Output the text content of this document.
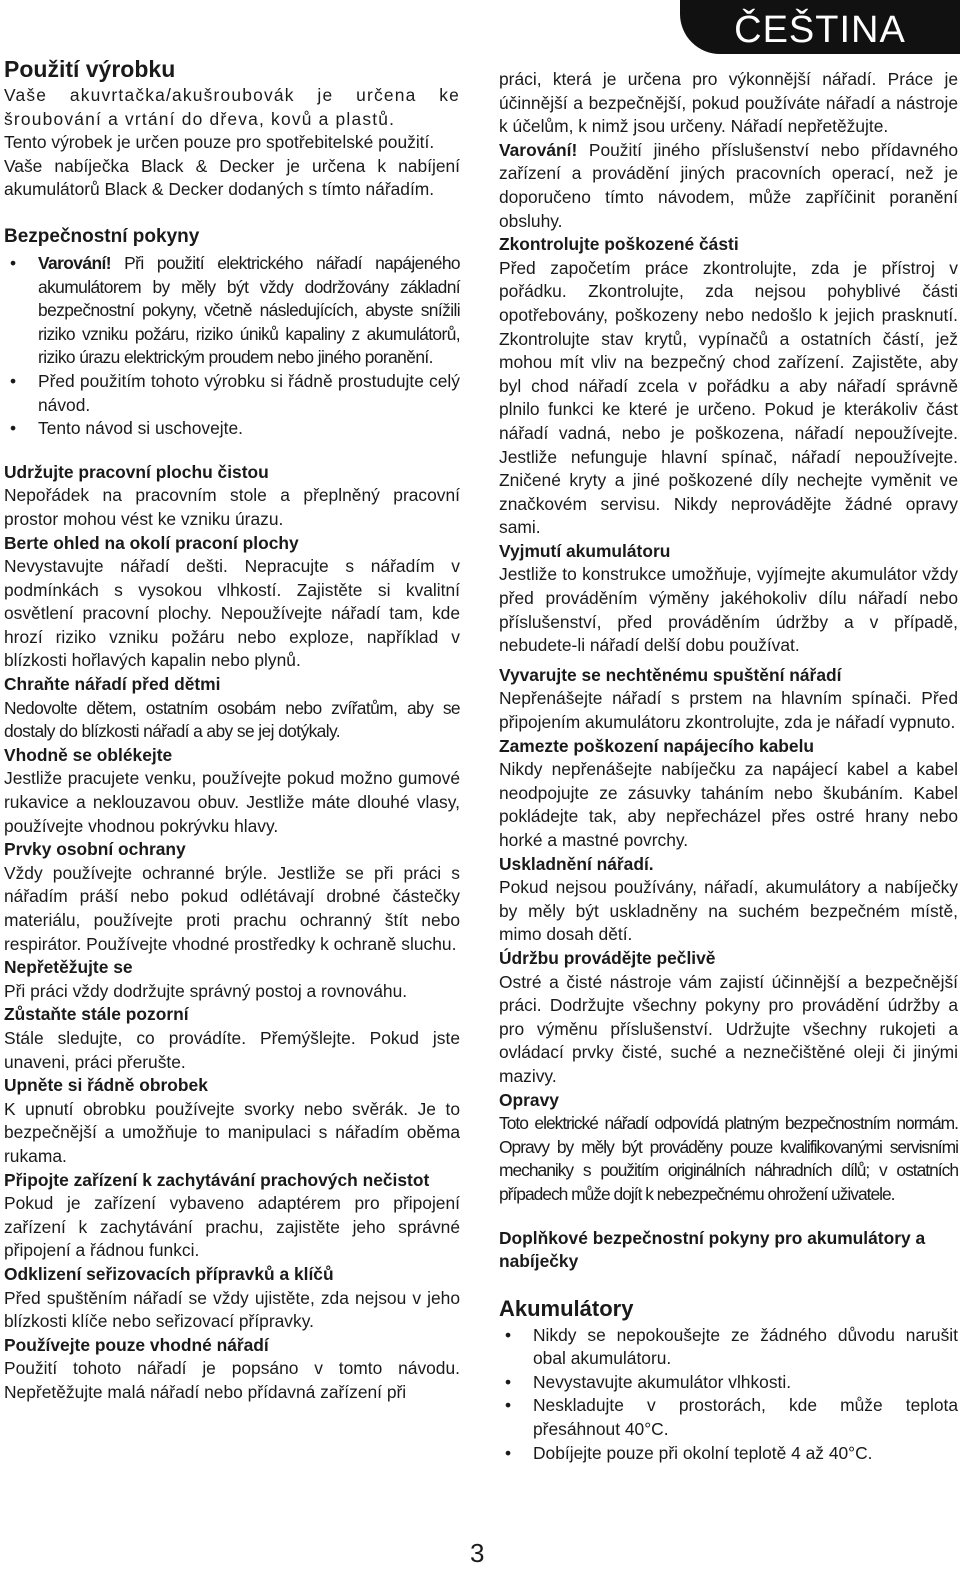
ČEŠTINA

Použití výrobku

Vaše akuvrtačka/akušroubovák je určena ke šroubování a vrtání do dřeva, kovů a plastů.

Tento výrobek je určen pouze pro spotřebitelské použití.

Vaše nabíječka Black & Decker je určena k nabíjení akumulátorů Black & Decker dodaných s tímto nářadím.

Bezpečnostní pokyny

• Varování! Při použití elektrického nářadí napájeného akumulátorem by měly být vždy dodržovány základní bezpečnostní pokyny, včetně následujících, abyste snížili riziko vzniku požáru, riziko úniků kapaliny z akumulátorů, riziko úrazu elektrickým proudem nebo jiného poranění.
• Před použitím tohoto výrobku si řádně prostudujte celý návod.
• Tento návod si uschovejte.
Udržujte pracovní plochu čistou

Nepořádek na pracovním stole a přeplněný pracovní prostor mohou vést ke vzniku úrazu.

Berte ohled na okolí praconí plochy

Nevystavujte nářadí dešti. Nepracujte s nářadím v podmínkách s vysokou vlhkostí. Zajistěte si kvalitní osvětlení pracovní plochy. Nepoužívejte nářadí tam, kde hrozí riziko vzniku požáru nebo exploze, například v blízkosti hořlavých kapalin nebo plynů.

Chraňte nářadí před dětmi

Nedovolte dětem, ostatním osobám nebo zvířatům, aby se dostaly do blízkosti nářadí a aby se jej dotýkaly.

Vhodně se oblékejte

Jestliže pracujete venku, používejte pokud možno gumové rukavice a neklouzavou obuv. Jestliže máte dlouhé vlasy, používejte vhodnou pokrývku hlavy.

Prvky osobní ochrany

Vždy používejte ochranné brýle. Jestliže se při práci s nářadím práší nebo pokud odlétávají drobné částečky materiálu, používejte proti prachu ochranný štít nebo respirátor. Používejte vhodné prostředky k ochraně sluchu.

Nepřetěžujte se

Při práci vždy dodržujte správný postoj a rovnováhu.

Zůstaňte stále pozorní

Stále sledujte, co provádíte. Přemýšlejte. Pokud jste unaveni, práci přerušte.

Upněte si řádně obrobek

K upnutí obrobku používejte svorky nebo svěrák. Je to bezpečnější a umožňuje to manipulaci s nářadím oběma rukama.

Připojte zařízení k zachytávání prachových nečistot

Pokud je zařízení vybaveno adaptérem pro připojení zařízení k zachytávání prachu, zajistěte jeho správné připojení a řádnou funkci.

Odklizení seřizovacích přípravků a klíčů

Před spuštěním nářadí se vždy ujistěte, zda nejsou v jeho blízkosti klíče nebo seřizovací přípravky.

Používejte pouze vhodné nářadí

Použití tohoto nářadí je popsáno v tomto návodu. Nepřetěžujte malá nářadí nebo přídavná zařízení při

práci, která je určena pro výkonnější nářadí. Práce je účinnější a bezpečnější, pokud používáte nářadí a nástroje k účelům, k nimž jsou určeny. Nářadí nepřetěžujte.

Varování! Použití jiného příslušenství nebo přídavného zařízení a provádění jiných pracovních operací, než je doporučeno tímto návodem, může zapříčinit poranění obsluhy.

Zkontrolujte poškozené části

Před započetím práce zkontrolujte, zda je přístroj v pořádku. Zkontrolujte, zda nejsou pohyblivé části opotřebovány, poškozeny nebo nedošlo k jejich prasknutí. Zkontrolujte stav krytů, vypínačů a ostatních částí, jež mohou mít vliv na bezpečný chod zařízení. Zajistěte, aby byl chod nářadí zcela v pořádku a aby nářadí správně plnilo funkci ke které je určeno. Pokud je kterákoliv část nářadí vadná, nebo je poškozena, nářadí nepoužívejte. Jestliže nefunguje hlavní spínač, nářadí nepoužívejte. Zničené kryty a jiné poškozené díly nechejte vyměnit ve značkovém servisu. Nikdy neprovádějte žádné opravy sami.

Vyjmutí akumulátoru

Jestliže to konstrukce umožňuje, vyjímejte akumulátor vždy před prováděním výměny jakéhokoliv dílu nářadí nebo příslušenství, před prováděním údržby a v případě, nebudete-li nářadí delší dobu používat.

Vyvarujte se nechtěnému spuštění nářadí

Nepřenášejte nářadí s prstem na hlavním spínači. Před připojením akumulátoru zkontrolujte, zda je nářadí vypnuto.

Zamezte poškození napájecího kabelu

Nikdy nepřenášejte nabíječku za napájecí kabel a kabel neodpojujte ze zásuvky taháním nebo škubáním. Kabel pokládejte tak, aby nepřecházel přes ostré hrany nebo horké a mastné povrchy.

Uskladnění nářadí.

Pokud nejsou používány, nářadí, akumulátory a nabíječky by měly být uskladněny na suchém bezpečném místě, mimo dosah dětí.

Údržbu provádějte pečlivě

Ostré a čisté nástroje vám zajistí účinnější a bezpečnější práci. Dodržujte všechny pokyny pro provádění údržby a pro výměnu příslušenství. Udržujte všechny rukojeti a ovládací prvky čisté, suché a neznečištěné oleji či jinými mazivy.

Opravy

Toto elektrické nářadí odpovídá platným bezpečnostním normám. Opravy by měly být prováděny pouze kvalifikovanými servisními mechaniky s použitím originálních náhradních dílů; v ostatních případech může dojít k nebezpečnému ohrožení uživatele.

Doplňkové bezpečnostní pokyny pro akumulátory a nabíječky

Akumulátory

• Nikdy se nepokoušejte ze žádného důvodu narušit obal akumulátoru.
• Nevystavujte akumulátor vlhkosti.
• Neskladujte v prostorách, kde může teplota přesáhnout 40°C.
• Dobíjejte pouze při okolní teplotě 4 až 40°C.
3
